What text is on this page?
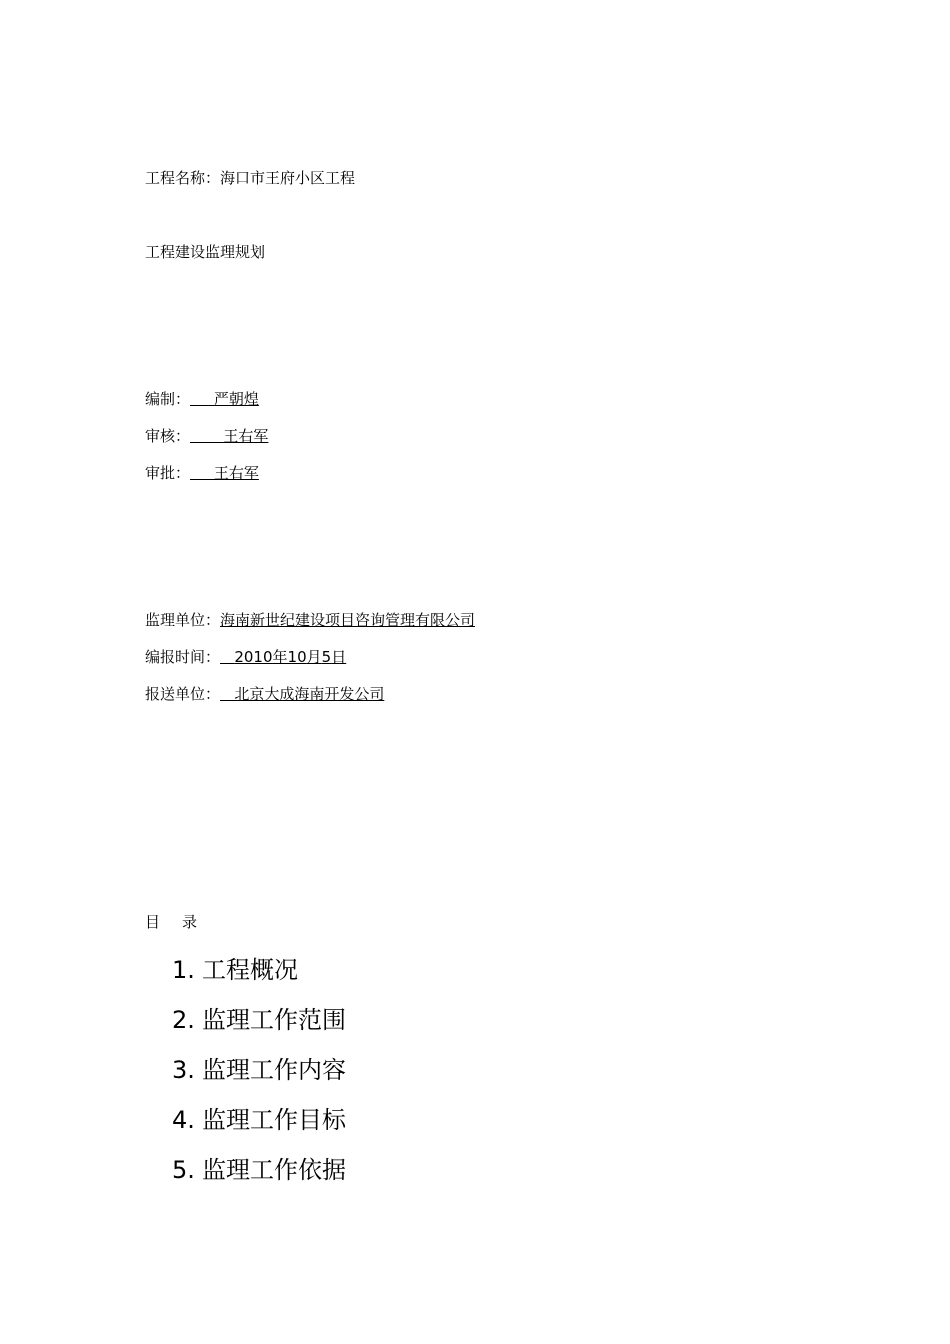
工程名称：海口市王府小区工程
工程建设监理规划
编制：     严朝煌
审核：       王右军
审批：     王右军
监理单位：海南新世纪建设项目咨询管理有限公司
编报时间： 2010年10月5日
报送单位：   北京大成海南开发公司
目 录
1. 工程概况
2. 监理工作范围
3. 监理工作内容
4. 监理工作目标
5. 监理工作依据
